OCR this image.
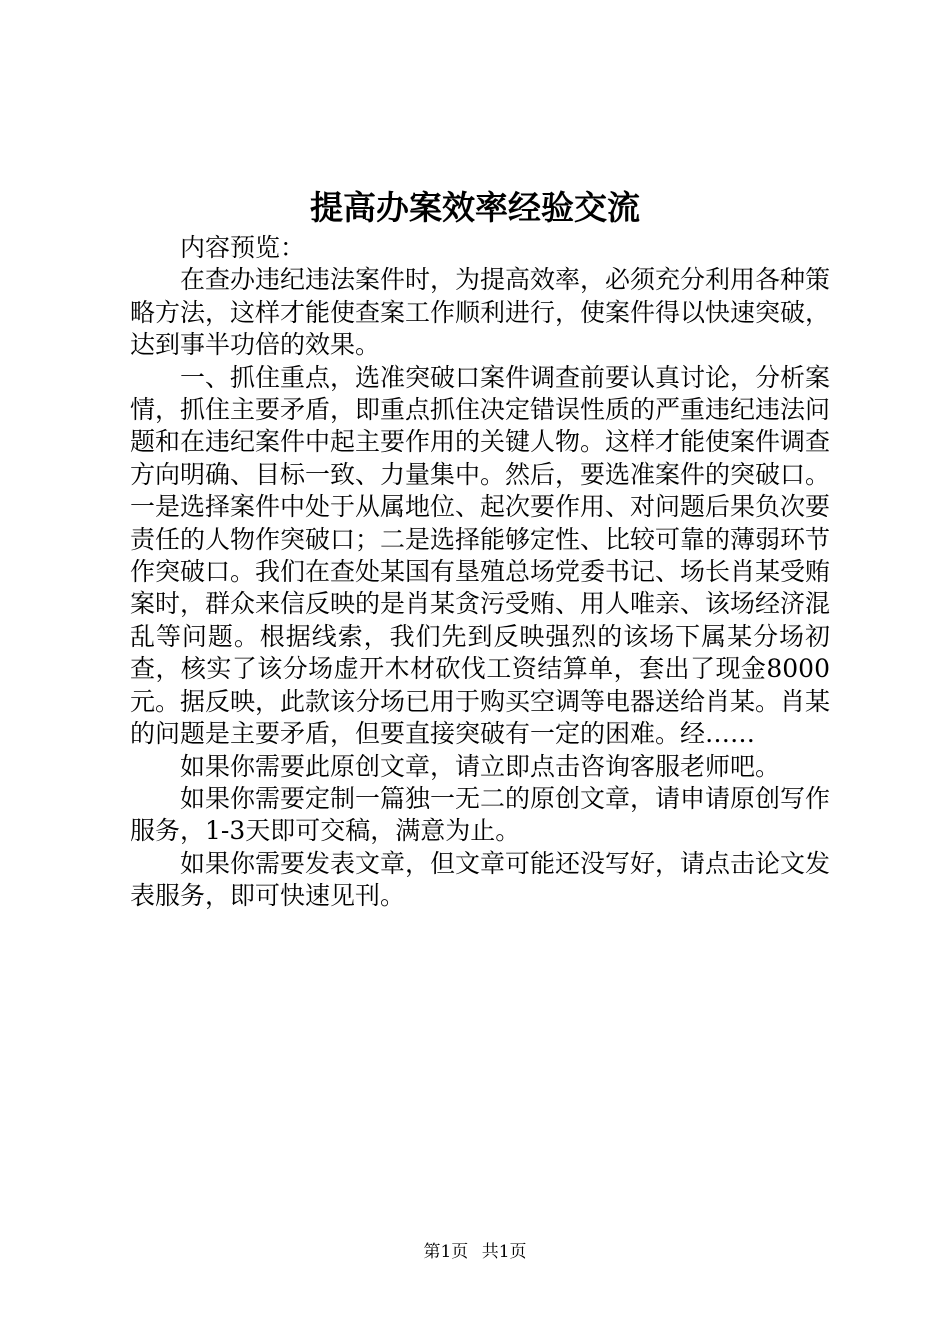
提高办案效率经验交流

内容预览：

在查办违纪违法案件时，为提高效率，必须充分利用各种策略方法，这样才能使查案工作顺利进行，使案件得以快速突破，达到事半功倍的效果。

一、抓住重点，选准突破口案件调查前要认真讨论，分析案情，抓住主要矛盾，即重点抓住决定错误性质的严重违纪违法问题和在违纪案件中起主要作用的关键人物。这样才能使案件调查方向明确、目标一致、力量集中。然后，要选准案件的突破口。一是选择案件中处于从属地位、起次要作用、对问题后果负次要责任的人物作突破口；二是选择能够定性、比较可靠的薄弱环节作突破口。我们在查处某国有垦殖总场党委书记、场长肖某受贿案时，群众来信反映的是肖某贪污受贿、用人唯亲、该场经济混乱等问题。根据线索，我们先到反映强烈的该场下属某分场初查，核实了该分场虚开木材砍伐工资结算单，套出了现金8000元。据反映，此款该分场已用于购买空调等电器送给肖某。肖某的问题是主要矛盾，但要直接突破有一定的困难。经……

如果你需要此原创文章，请立即点击咨询客服老师吧。

如果你需要定制一篇独一无二的原创文章，请申请原创写作服务，1-3天即可交稿，满意为止。

如果你需要发表文章，但文章可能还没写好，请点击论文发表服务，即可快速见刊。

第1页 共1页
